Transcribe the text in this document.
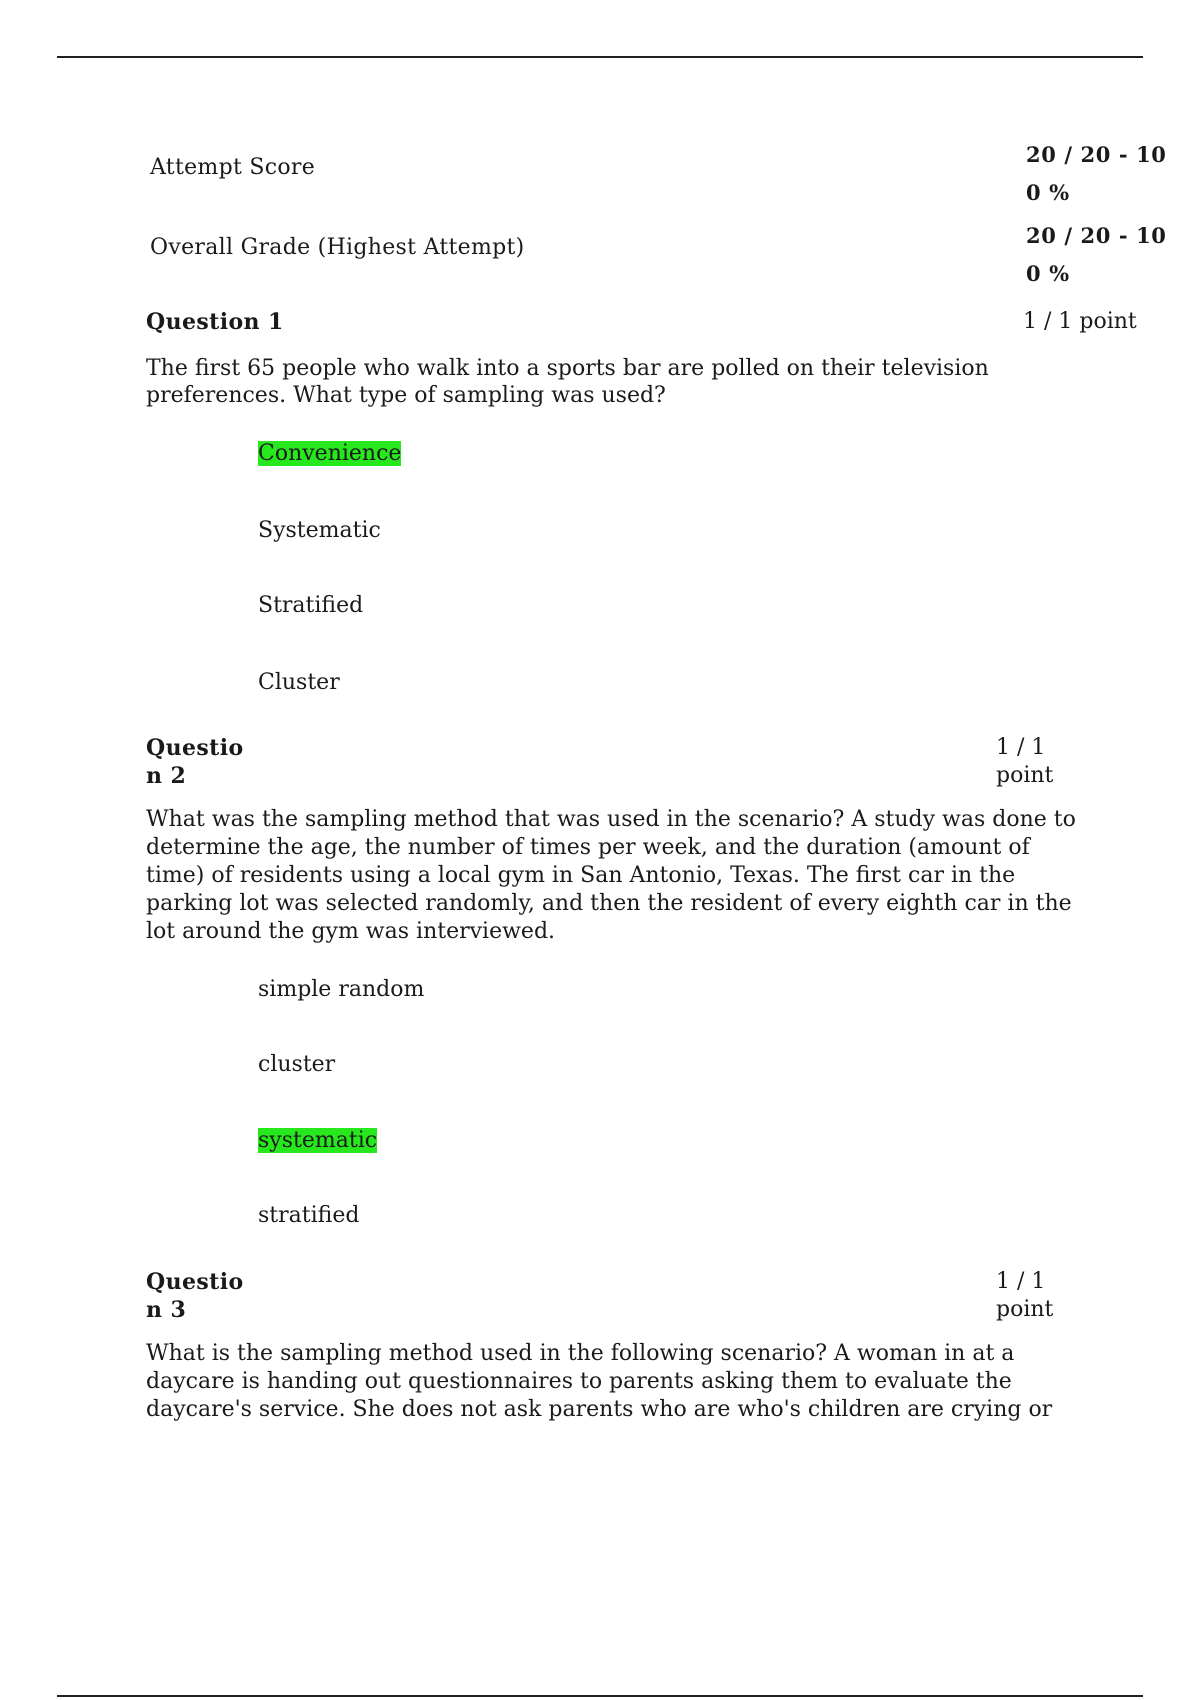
Attempt Score
20 / 20 - 10
0 %
Overall Grade (Highest Attempt)	20 / 20 - 10
0 %
Question 1	1 / 1 point
The first 65 people who walk into a sports bar are polled on their television
preferences. What type of sampling was used?
Convenience
Systematic
Stratified
Cluster
Questio
n 2
1 / 1
point
What was the sampling method that was used in the scenario? A study was done to
determine the age, the number of times per week, and the duration (amount of
time) of residents using a local gym in San Antonio, Texas. The first car in the
parking lot was selected randomly, and then the resident of every eighth car in the
lot around the gym was interviewed.
simple random
cluster
systematic
stratified
Questio
n 3
1 / 1
point
What is the sampling method used in the following scenario? A woman in at a
daycare is handing out questionnaires to parents asking them to evaluate the
daycare's service. She does not ask parents who are who's children are crying or
